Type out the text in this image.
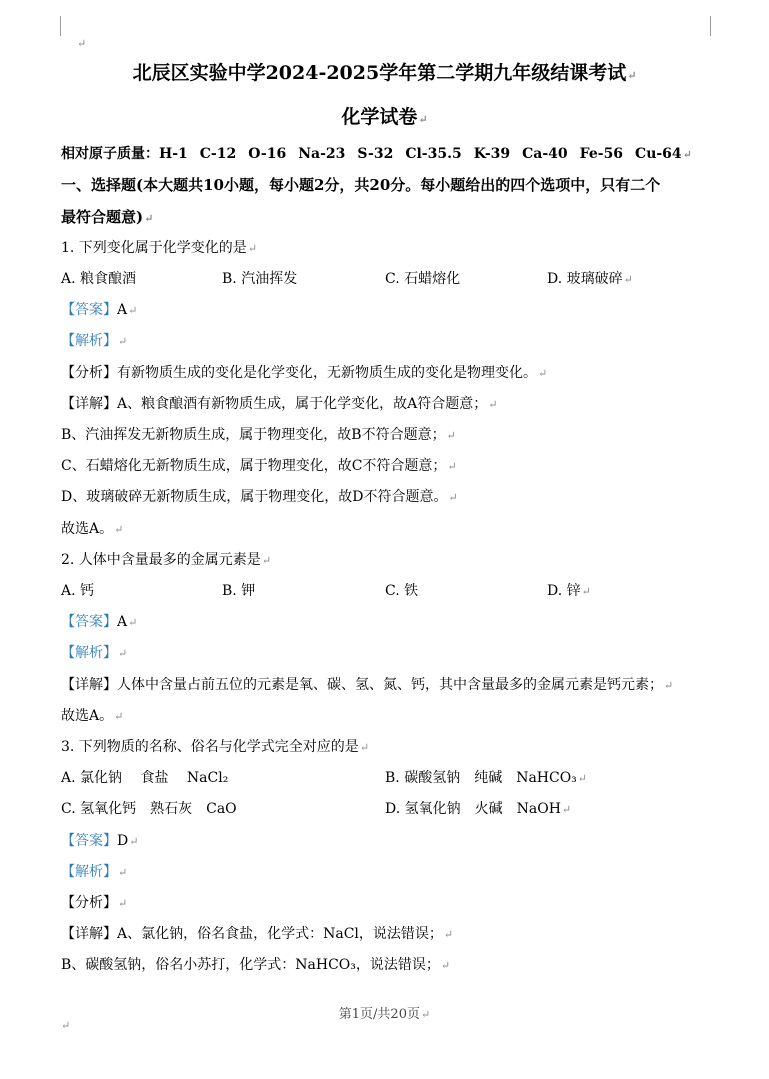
↵
北辰区实验中学2024-2025学年第二学期九年级结课考试↵
化学试卷↵
相对原子质量：H-1 C-12 O-16 Na-23 S-32 Cl-35.5 K-39 Ca-40 Fe-56 Cu-64↵
一、选择题(本大题共10小题，每小题2分，共20分。每小题给出的四个选项中，只有二个
最符合题意)↵
1. 下列变化属于化学变化的是↵
A. 粮食酿酒	B. 汽油挥发	C. 石蜡熔化	D. 玻璃破碎↵
【答案】A↵
【解析】↵
【分析】有新物质生成的变化是化学变化，无新物质生成的变化是物理变化。↵
【详解】A、粮食酿酒有新物质生成，属于化学变化，故A符合题意；↵
B、汽油挥发无新物质生成，属于物理变化，故B不符合题意；↵
C、石蜡熔化无新物质生成，属于物理变化，故C不符合题意；↵
D、玻璃破碎无新物质生成，属于物理变化，故D不符合题意。↵
故选A。↵
2. 人体中含量最多的金属元素是↵
A. 钙	B. 钾	C. 铁	D. 锌↵
【答案】A↵
【解析】↵
【详解】人体中含量占前五位的元素是氧、碳、氢、氮、钙，其中含量最多的金属元素是钙元素；↵
故选A。↵
3. 下列物质的名称、俗名与化学式完全对应的是↵
A. 氯化钠　 食盐　 NaCl₂	B. 碳酸氢钠　纯碱　NaHCO₃↵
C. 氢氧化钙　熟石灰　CaO	D. 氢氧化钠　火碱　NaOH↵
【答案】D↵
【解析】↵
【分析】↵
【详解】A、氯化钠，俗名食盐，化学式：NaCl，说法错误；↵
B、碳酸氢钠，俗名小苏打，化学式：NaHCO₃，说法错误；↵
第1页/共20页↵
↵
